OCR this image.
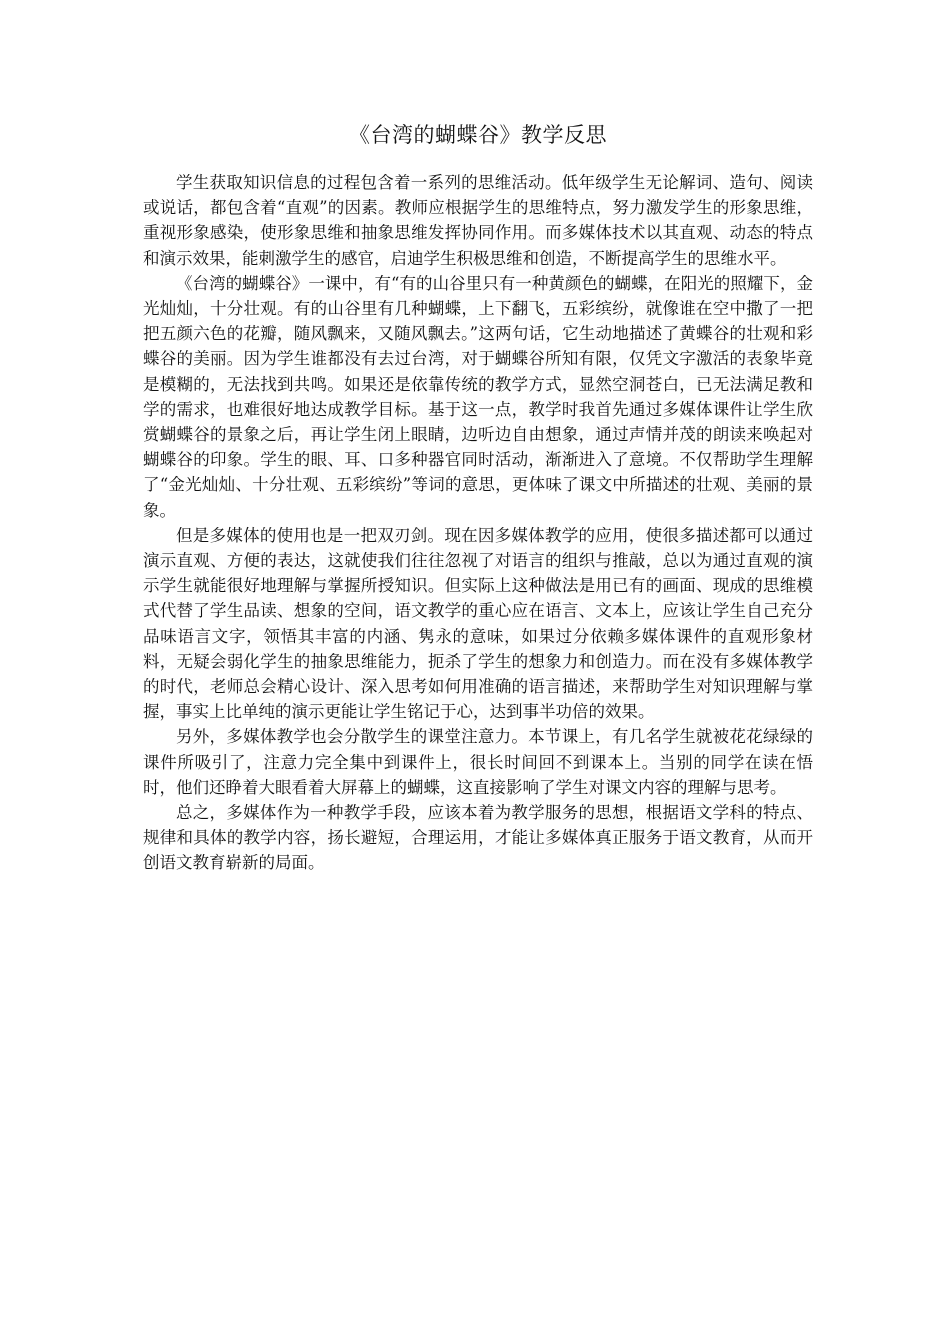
《台湾的蝴蝶谷》教学反思

学生获取知识信息的过程包含着一系列的思维活动。低年级学生无论解词、造句、阅读或说话，都包含着“直观”的因素。教师应根据学生的思维特点，努力激发学生的形象思维，重视形象感染，使形象思维和抽象思维发挥协同作用。而多媒体技术以其直观、动态的特点和演示效果，能刺激学生的感官，启迪学生积极思维和创造，不断提高学生的思维水平。

《台湾的蝴蝶谷》一课中，有“有的山谷里只有一种黄颜色的蝴蝶，在阳光的照耀下，金光灿灿，十分壮观。有的山谷里有几种蝴蝶，上下翻飞，五彩缤纷，就像谁在空中撒了一把把五颜六色的花瓣，随风飘来，又随风飘去。”这两句话，它生动地描述了黄蝶谷的壮观和彩蝶谷的美丽。因为学生谁都没有去过台湾，对于蝴蝶谷所知有限，仅凭文字激活的表象毕竟是模糊的，无法找到共鸣。如果还是依靠传统的教学方式，显然空洞苍白，已无法满足教和学的需求，也难很好地达成教学目标。基于这一点，教学时我首先通过多媒体课件让学生欣赏蝴蝶谷的景象之后，再让学生闭上眼睛，边听边自由想象，通过声情并茂的朗读来唤起对蝴蝶谷的印象。学生的眼、耳、口多种器官同时活动，渐渐进入了意境。不仅帮助学生理解了“金光灿灿、十分壮观、五彩缤纷”等词的意思，更体味了课文中所描述的壮观、美丽的景象。

但是多媒体的使用也是一把双刃剑。现在因多媒体教学的应用，使很多描述都可以通过演示直观、方便的表达，这就使我们往往忽视了对语言的组织与推敲，总以为通过直观的演示学生就能很好地理解与掌握所授知识。但实际上这种做法是用已有的画面、现成的思维模式代替了学生品读、想象的空间，语文教学的重心应在语言、文本上，应该让学生自己充分品味语言文字，领悟其丰富的内涵、隽永的意味，如果过分依赖多媒体课件的直观形象材料，无疑会弱化学生的抽象思维能力，扼杀了学生的想象力和创造力。而在没有多媒体教学的时代，老师总会精心设计、深入思考如何用准确的语言描述，来帮助学生对知识理解与掌握，事实上比单纯的演示更能让学生铭记于心，达到事半功倍的效果。

另外，多媒体教学也会分散学生的课堂注意力。本节课上，有几名学生就被花花绿绿的课件所吸引了，注意力完全集中到课件上，很长时间回不到课本上。当别的同学在读在悟时，他们还睁着大眼看着大屏幕上的蝴蝶，这直接影响了学生对课文内容的理解与思考。

总之，多媒体作为一种教学手段，应该本着为教学服务的思想，根据语文学科的特点、规律和具体的教学内容，扬长避短，合理运用，才能让多媒体真正服务于语文教育，从而开创语文教育崭新的局面。
